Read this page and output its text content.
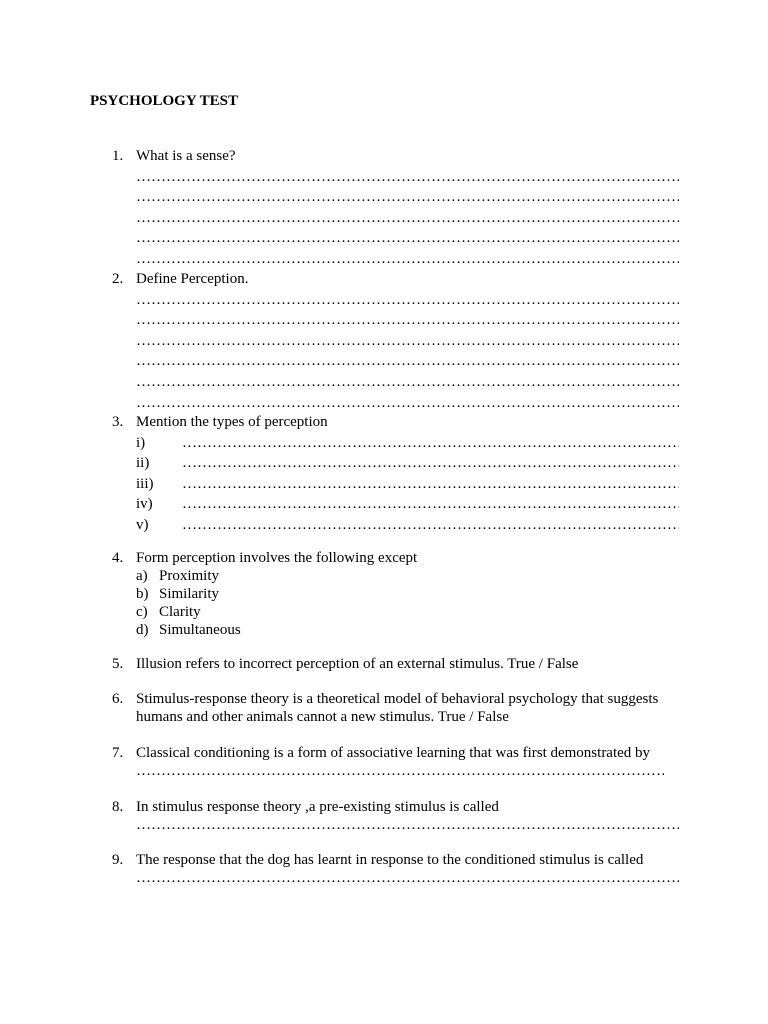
PSYCHOLOGY TEST
1. What is a sense?
…………………………………………………………………………………………………………………………………
…………………………………………………………………………………………………………………………………
…………………………………………………………………………………………………………………………………
…………………………………………………………………………………………………………………………………
…………………………………………………………………………………………………………………………………
2. Define Perception.
…………………………………………………………………………………………………………………………………
…………………………………………………………………………………………………………………………………
…………………………………………………………………………………………………………………………………
…………………………………………………………………………………………………………………………………
…………………………………………………………………………………………………………………………………
…………………………………………………………………………………………………………………………………
3. Mention the types of perception
i)
…………………………………………………………………………………………………………………………………
ii)
…………………………………………………………………………………………………………………………………
iii)
…………………………………………………………………………………………………………………………………
iv)
…………………………………………………………………………………………………………………………………
v)
…………………………………………………………………………………………………………………………………
4. Form perception involves the following except
a) Proximity
b) Similarity
c) Clarity
d) Simultaneous
5. Illusion refers to incorrect perception of an external stimulus. True / False
6. Stimulus-response theory is a theoretical model of behavioral psychology that suggests
humans and other animals cannot a new stimulus. True / False
7. Classical conditioning is a form of associative learning that was first demonstrated by
…………………………………………………………………………………………………………………………………
8. In stimulus response theory ,a pre-existing stimulus is called
…………………………………………………………………………………………………………………………………
9. The response that the dog has learnt in response to the conditioned stimulus is called
…………………………………………………………………………………………………………………………………
